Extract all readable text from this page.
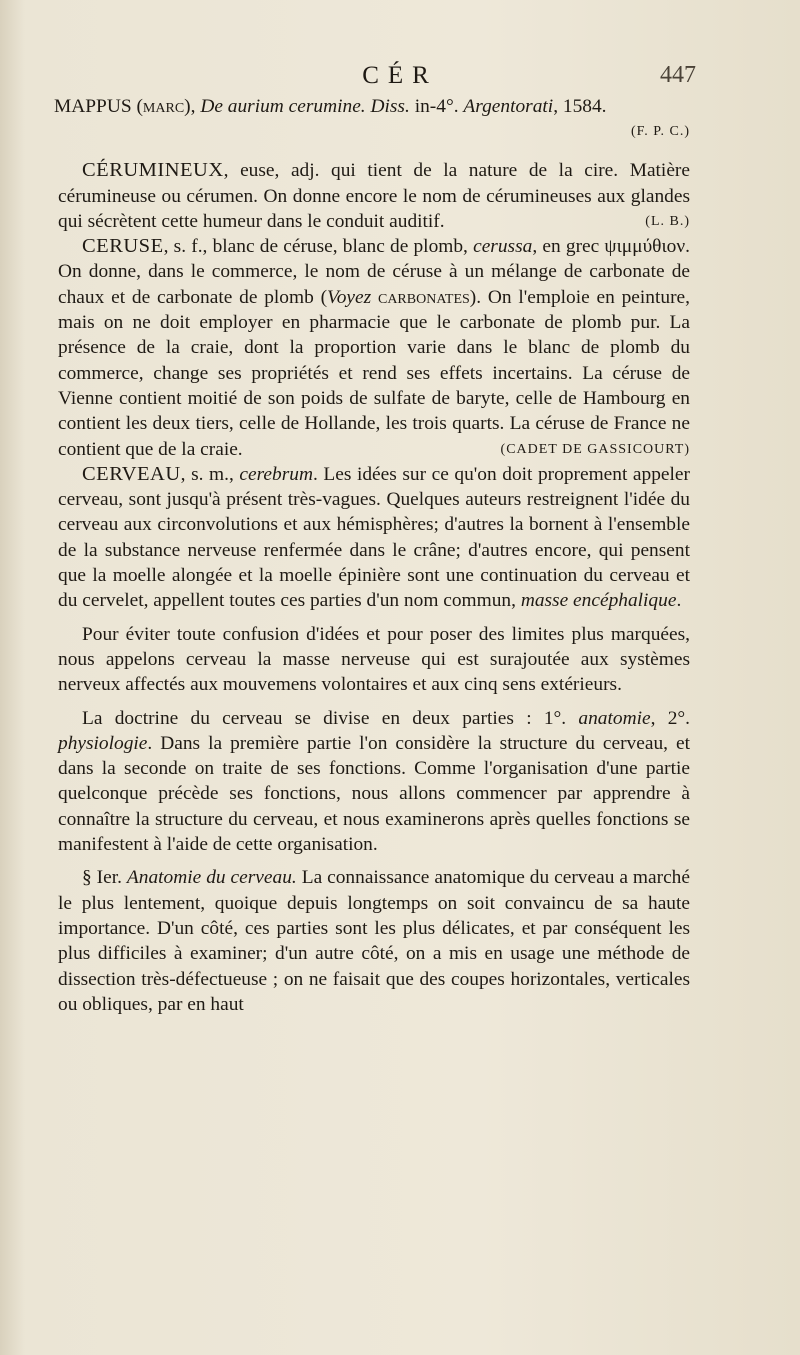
CÉR	447
MAPPUS (marc), De aurium cerumine. Diss. in-4°. Argentorati, 1584.
(F. P. C.)

CÉRUMINEUX, euse, adj. qui tient de la nature de la cire. Matière cérumineuse ou cérumen. On donne encore le nom de cérumineuses aux glandes qui sécrètent cette humeur dans le conduit auditif.	(L. B.)

CERUSE, s. f., blanc de céruse, blanc de plomb, cerussa, en grec ψιμμύθιον. On donne, dans le commerce, le nom de céruse à un mélange de carbonate de chaux et de carbonate de plomb (Voyez carbonates). On l'emploie en peinture, mais on ne doit employer en pharmacie que le carbonate de plomb pur. La présence de la craie, dont la proportion varie dans le blanc de plomb du commerce, change ses propriétés et rend ses effets incertains. La céruse de Vienne contient moitié de son poids de sulfate de baryte, celle de Hambourg en contient les deux tiers, celle de Hollande, les trois quarts. La céruse de France ne contient que de la craie.	(CADET DE GASSICOURT)

CERVEAU, s. m., cerebrum. Les idées sur ce qu'on doit proprement appeler cerveau, sont jusqu'à présent très-vagues. Quelques auteurs restreignent l'idée du cerveau aux circonvolutions et aux hémisphères; d'autres la bornent à l'ensemble de la substance nerveuse renfermée dans le crâne; d'autres encore, qui pensent que la moelle alongée et la moelle épinière sont une continuation du cerveau et du cervelet, appellent toutes ces parties d'un nom commun, masse encéphalique.

Pour éviter toute confusion d'idées et pour poser des limites plus marquées, nous appelons cerveau la masse nerveuse qui est surajoutée aux systèmes nerveux affectés aux mouvemens volontaires et aux cinq sens extérieurs.

La doctrine du cerveau se divise en deux parties : 1°. anatomie, 2°. physiologie. Dans la première partie l'on considère la structure du cerveau, et dans la seconde on traite de ses fonctions. Comme l'organisation d'une partie quelconque précède ses fonctions, nous allons commencer par apprendre à connaître la structure du cerveau, et nous examinerons après quelles fonctions se manifestent à l'aide de cette organisation.

§ Ier. Anatomie du cerveau. La connaissance anatomique du cerveau a marché le plus lentement, quoique depuis longtemps on soit convaincu de sa haute importance. D'un côté, ces parties sont les plus délicates, et par conséquent les plus difficiles à examiner; d'un autre côté, on a mis en usage une méthode de dissection très-défectueuse ; on ne faisait que des coupes horizontales, verticales ou obliques, par en haut
